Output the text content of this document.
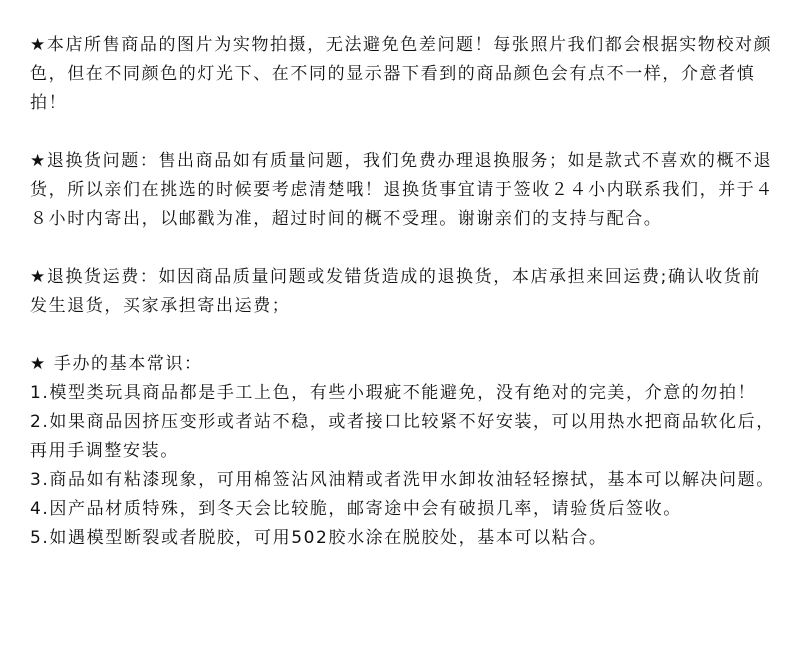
★本店所售商品的图片为实物拍摄，无法避免色差问题！每张照片我们都会根据实物校对颜色，但在不同颜色的灯光下、在不同的显示器下看到的商品颜色会有点不一样，介意者慎拍！

★退换货问题：售出商品如有质量问题，我们免费办理退换服务；如是款式不喜欢的概不退货，所以亲们在挑选的时候要考虑清楚哦！退换货事宜请于签收２４小内联系我们，并于４８小时内寄出，以邮戳为准，超过时间的概不受理。谢谢亲们的支持与配合。

★退换货运费：如因商品质量问题或发错货造成的退换货，本店承担来回运费;确认收货前发生退货，买家承担寄出运费；

★ 手办的基本常识：

1.模型类玩具商品都是手工上色，有些小瑕疵不能避免，没有绝对的完美，介意的勿拍！
2.如果商品因挤压变形或者站不稳，或者接口比较紧不好安装，可以用热水把商品软化后，再用手调整安装。
3.商品如有粘漆现象，可用棉签沾风油精或者洗甲水卸妆油轻轻擦拭，基本可以解决问题。
4.因产品材质特殊，到冬天会比较脆，邮寄途中会有破损几率，请验货后签收。
5.如遇模型断裂或者脱胶，可用502胶水涂在脱胶处，基本可以粘合。
